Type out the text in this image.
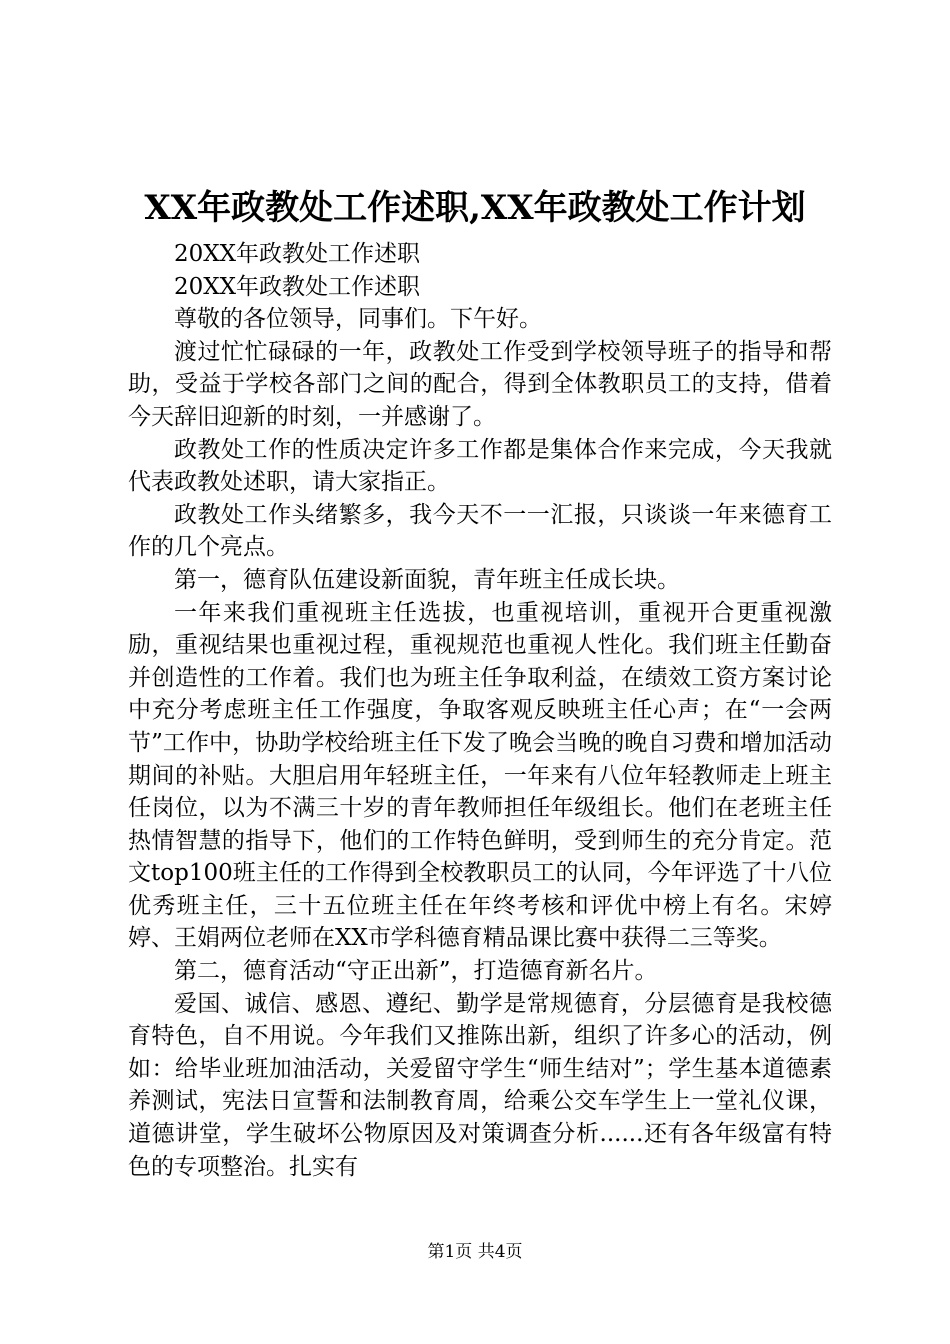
XX年政教处工作述职,XX年政教处工作计划

20XX年政教处工作述职

20XX年政教处工作述职

尊敬的各位领导，同事们。下午好。

渡过忙忙碌碌的一年，政教处工作受到学校领导班子的指导和帮助，受益于学校各部门之间的配合，得到全体教职员工的支持，借着今天辞旧迎新的时刻，一并感谢了。

政教处工作的性质决定许多工作都是集体合作来完成，今天我就代表政教处述职，请大家指正。

政教处工作头绪繁多，我今天不一一汇报，只谈谈一年来德育工作的几个亮点。

第一，德育队伍建设新面貌，青年班主任成长块。

一年来我们重视班主任选拔，也重视培训，重视开合更重视激励，重视结果也重视过程，重视规范也重视人性化。我们班主任勤奋并创造性的工作着。我们也为班主任争取利益，在绩效工资方案讨论中充分考虑班主任工作强度，争取客观反映班主任心声；在“一会两节”工作中，协助学校给班主任下发了晚会当晚的晚自习费和增加活动期间的补贴。大胆启用年轻班主任，一年来有八位年轻教师走上班主任岗位，以为不满三十岁的青年教师担任年级组长。他们在老班主任热情智慧的指导下，他们的工作特色鲜明，受到师生的充分肯定。范文top100班主任的工作得到全校教职员工的认同，今年评选了十八位优秀班主任，三十五位班主任在年终考核和评优中榜上有名。宋婷婷、王娟两位老师在XX市学科德育精品课比赛中获得二三等奖。

第二，德育活动“守正出新”，打造德育新名片。

爱国、诚信、感恩、遵纪、勤学是常规德育，分层德育是我校德育特色，自不用说。今年我们又推陈出新，组织了许多心的活动，例如：给毕业班加油活动，关爱留守学生“师生结对”；学生基本道德素养测试，宪法日宣誓和法制教育周，给乘公交车学生上一堂礼仪课，道德讲堂，学生破坏公物原因及对策调查分析......还有各年级富有特色的专项整治。扎实有

第1页 共4页
